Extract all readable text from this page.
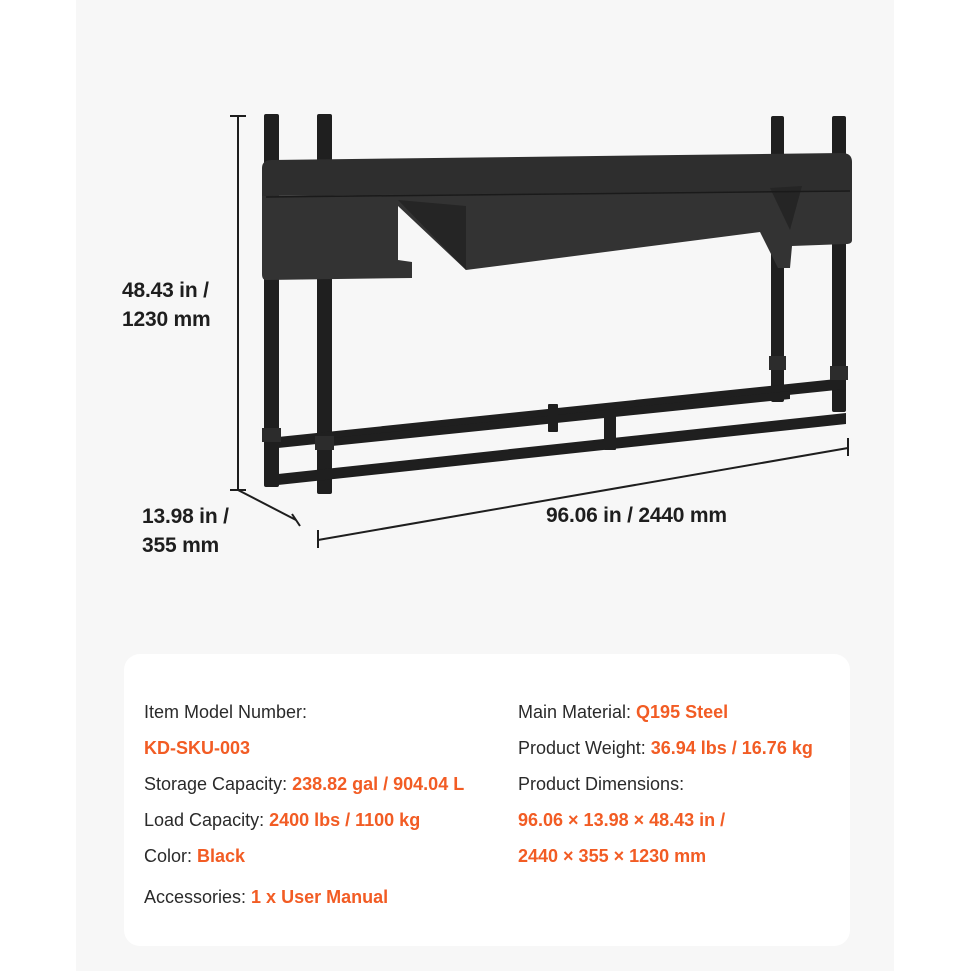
48.43 in /
1230 mm
13.98 in /
355 mm
96.06 in / 2440 mm
Item Model Number:
KD-SKU-003
Storage Capacity: 238.82 gal / 904.04 L
Load Capacity: 2400 lbs / 1100 kg
Color: Black
Accessories: 1 x User Manual
Main Material: Q195 Steel
Product Weight: 36.94 lbs / 16.76 kg
Product Dimensions:
96.06 × 13.98 × 48.43 in /
2440 × 355 × 1230 mm
